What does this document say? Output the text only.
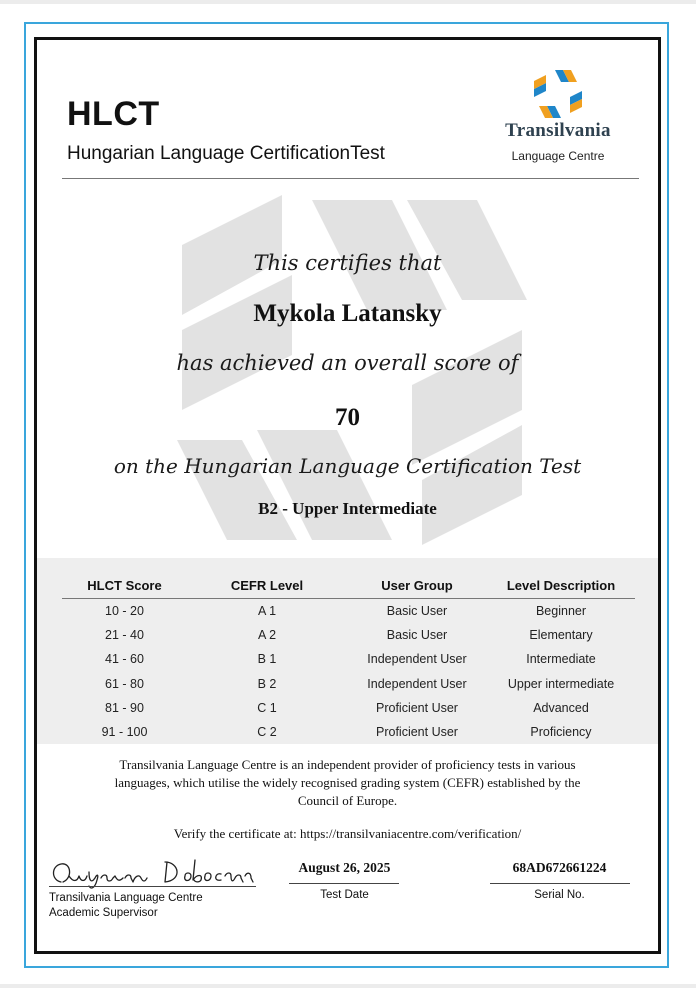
HLCT
Hungarian Language CertificationTest
Transilvania
Language Centre
This certifies that
Mykola Latansky
has achieved an overall score of
70
on the Hungarian Language Certification Test
B2 - Upper Intermediate
HLCT Score	CEFR Level	User Group	Level Description
10 - 20	A 1	Basic User	Beginner
21 - 40	A 2	Basic User	Elementary
41 - 60	B 1	Independent User	Intermediate
61 - 80	B 2	Independent User	Upper intermediate
81 - 90	C 1	Proficient User	Advanced
91 - 100	C 2	Proficient User	Proficiency
Transilvania Language Centre is an independent provider of proficiency tests in various
languages, which utilise the widely recognised grading system (CEFR) established by the
Council of Europe.
Verify the certificate at: https://transilvaniacentre.com/verification/
Transilvania Language Centre
Academic Supervisor
August 26, 2025
Test Date
68AD672661224
Serial No.
